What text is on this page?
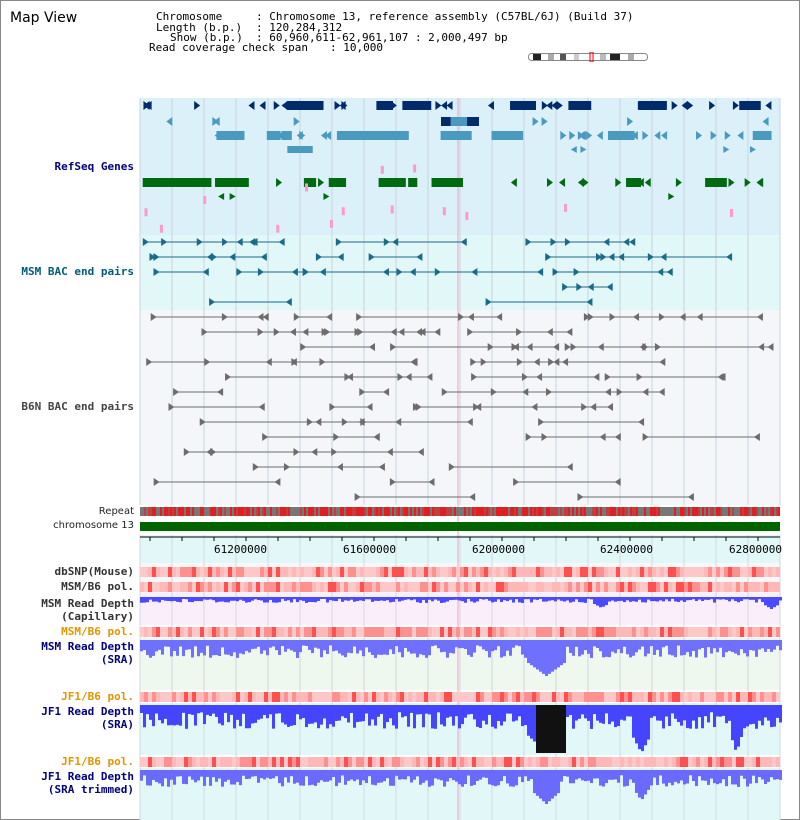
Map View	Chromosome	: Chromosome 13, reference assembly (C57BL/6J) (Build 37)
Length (b.p.) : 120,284,312
Show (b.p.) : 60,960,611-62,961,107 : 2,000,497 bp
Read coverage check span : 10,000
RefSeq Genes
MSM BAC end pairs
B6N BAC end pairs
Repeat
chromosome 13
dbSNP(Mouse)
MSM/B6 pol.
MSM Read Depth
(Capillary)
MSM/B6 pol.
MSM Read Depth
(SRA)
JF1/B6 pol.
JF1 Read Depth
(SRA)
JF1/B6 pol.
JF1 Read Depth
(SRA trimmed)
61200000	61600000	62000000	62400000	62800000
